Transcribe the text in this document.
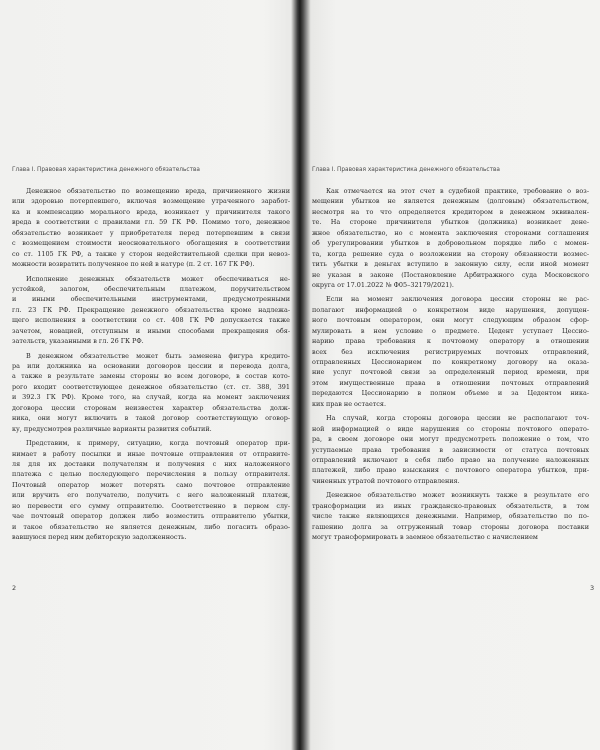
Глава I. Правовая характеристика денежного обязательства
Денежное обязательство по возмещению вреда, причиненного жизни
или здоровью потерпевшего, включая возмещение утраченного заработ-
ка и компенсацию морального вреда, возникает у причинителя такого
вреда в соответствии с правилами гл. 59 ГК РФ. Помимо того, денежное
обязательство возникает у приобретателя перед потерпевшим в связи
с возмещением стоимости неосновательного обогащения в соответствии
со ст. 1105 ГК РФ, а также у сторон недействительной сделки при невоз-
можности возвратить полученное по ней в натуре (п. 2 ст. 167 ГК РФ).
Исполнение денежных обязательств может обеспечиваться не-
устойкой, залогом, обеспечительным платежом, поручительством
и иными обеспечительными инструментами, предусмотренными
гл. 23 ГК РФ. Прекращение денежного обязательства кроме надлежа-
щего исполнения в соответствии со ст. 408 ГК РФ допускается также
зачетом, новацией, отступным и иными способами прекращения обя-
зательств, указанными в гл. 26 ГК РФ.
В денежном обязательстве может быть заменена фигура кредито-
ра или должника на основании договоров цессии и перевода долга,
а также в результате замены стороны во всем договоре, в состав кото-
рого входит соответствующее денежное обязательство (ст. ст. 388, 391
и 392.3 ГК РФ). Кроме того, на случай, когда на момент заключения
договора цессии сторонам неизвестен характер обязательства долж-
ника, они могут включить в такой договор соответствующую оговор-
ку, предусмотрев различные варианты развития событий.
Представим, к примеру, ситуацию, когда почтовый оператор при-
нимает в работу посылки и иные почтовые отправления от отправите-
ля для их доставки получателям и получения с них наложенного
платежа с целью последующего перечисления в пользу отправителя.
Почтовый оператор может потерять само почтовое отправление
или вручить его получателю, получить с него наложенный платеж,
но перевести его сумму отправителю. Соответственно в первом слу-
чае почтовый оператор должен либо возместить отправителю убытки,
и такое обязательство не является денежным, либо погасить образо-
вавшуюся перед ним дебиторскую задолженность.
2
Глава I. Правовая характеристика денежного обязательства
Как отмечается на этот счет в судебной практике, требование о воз-
мещении убытков не является денежным (долговым) обязательством,
несмотря на то что определяется кредитором в денежном эквивален-
те. На стороне причинителя убытков (должника) возникает дене-
жное обязательство, но с момента заключения сторонами соглашения
об урегулировании убытков в добровольном порядке либо с момен-
та, когда решение суда о возложении на сторону обязанности возмес-
тить убытки в деньгах вступило в законную силу, если иной момент
не указан в законе (Постановление Арбитражного суда Московского
округа от 17.01.2022 № Ф05–32179/2021).
Если на момент заключения договора цессии стороны не рас-
полагают информацией о конкретном виде нарушения, допущен-
ного почтовым оператором, они могут следующим образом сфор-
мулировать в нем условие о предмете. Цедент уступает Цессио-
нарию права требования к почтовому оператору в отношении
всех без исключения регистрируемых почтовых отправлений,
отправленных Цессионарием по конкретному договору на оказа-
ние услуг почтовой связи за определенный период времени, при
этом имущественные права в отношении почтовых отправлений
передаются Цессионарию в полном объеме и за Цедентом ника-
ких прав не остается.
На случай, когда стороны договора цессии не располагают точ-
ной информацией о виде нарушения со стороны почтового операто-
ра, в своем договоре они могут предусмотреть положение о том, что
уступаемые права требования в зависимости от статуса почтовых
отправлений включают в себя либо право на получение наложенных
платежей, либо право взыскания с почтового оператора убытков, при-
чиненных утратой почтового отправления.
Денежное обязательство может возникнуть также в результате его
трансформации из иных гражданско-правовых обязательств, в том
числе также являющихся денежными. Например, обязательство по по-
гашению долга за отгруженный товар стороны договора поставки
могут трансформировать в заемное обязательство с начислением
3
